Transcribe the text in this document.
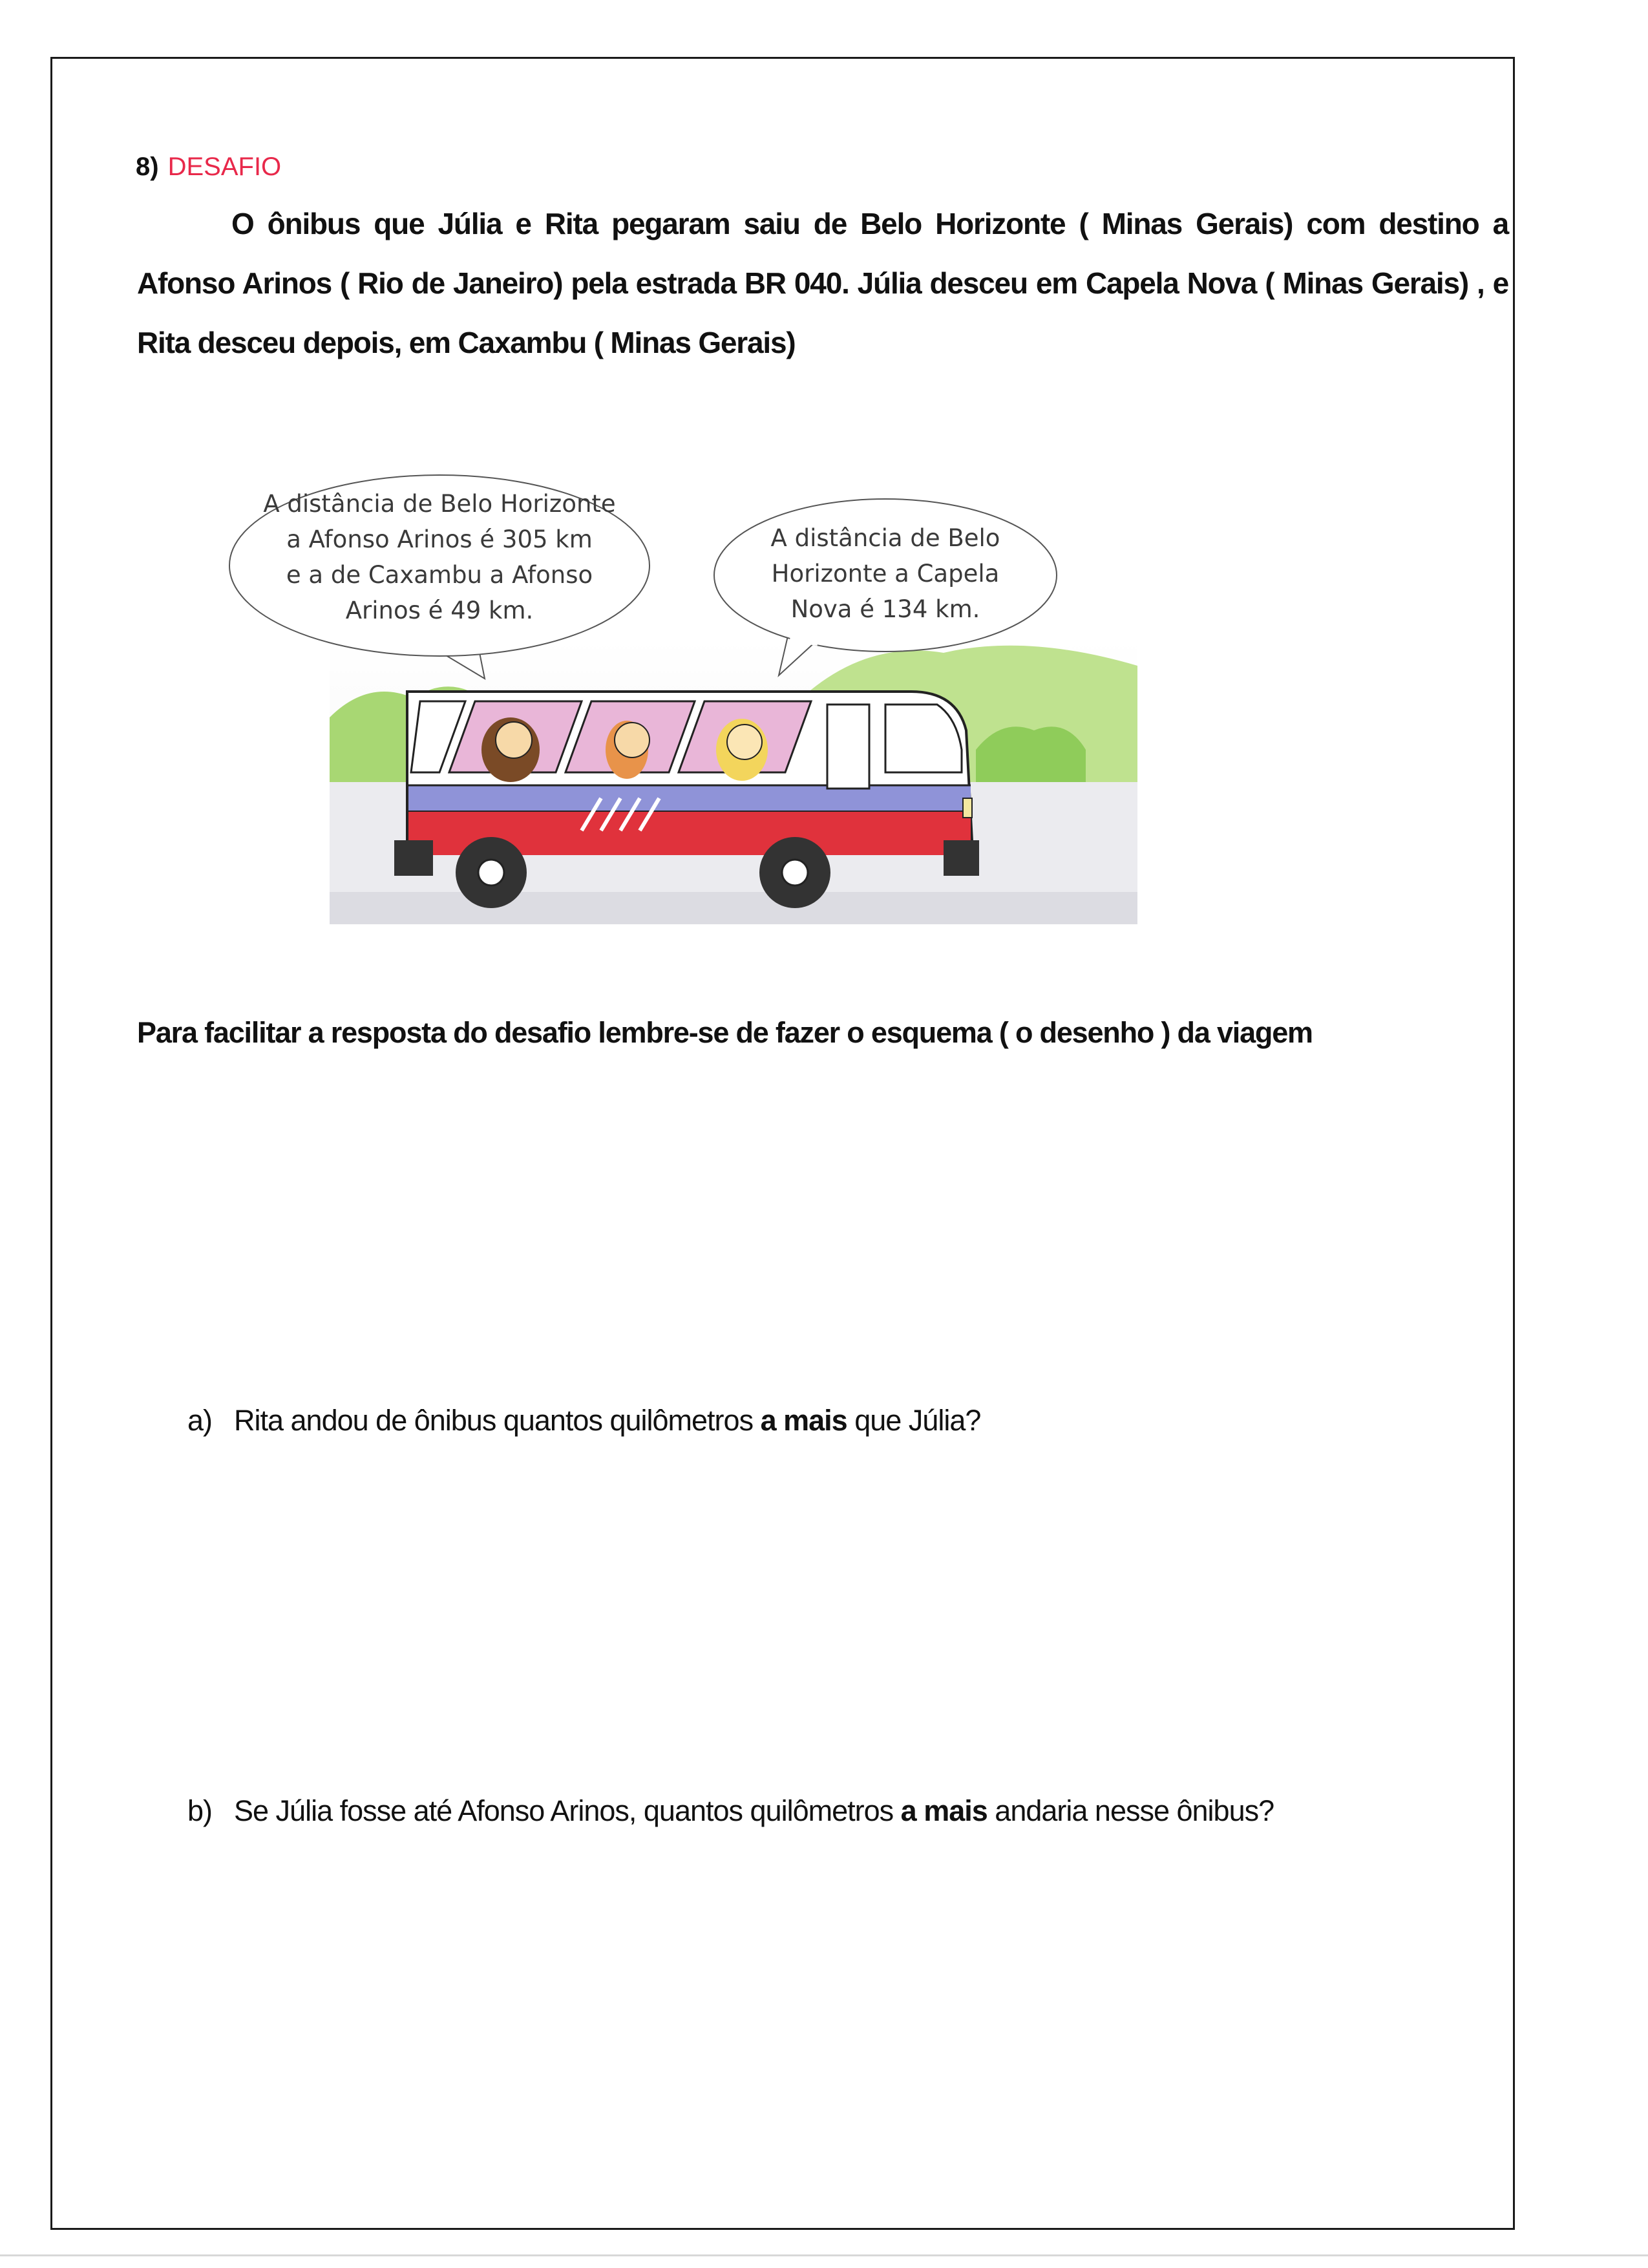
8) DESAFIO

O ônibus que Júlia e Rita pegaram saiu de Belo Horizonte ( Minas Gerais) com destino a Afonso Arinos ( Rio de Janeiro) pela estrada BR 040. Júlia desceu em Capela Nova ( Minas Gerais) , e Rita desceu depois, em Caxambu ( Minas Gerais)

A distância de Belo Horizonte
a Afonso Arinos é 305 km
e a de Caxambu a Afonso
Arinos é 49 km.
A distância de Belo
Horizonte a Capela
Nova é 134 km.

Para facilitar a resposta do desafio lembre-se de fazer o esquema ( o desenho ) da viagem

a) Rita andou de ônibus quantos quilômetros a mais que Júlia?

b) Se Júlia fosse até Afonso Arinos, quantos quilômetros a mais andaria nesse ônibus?
